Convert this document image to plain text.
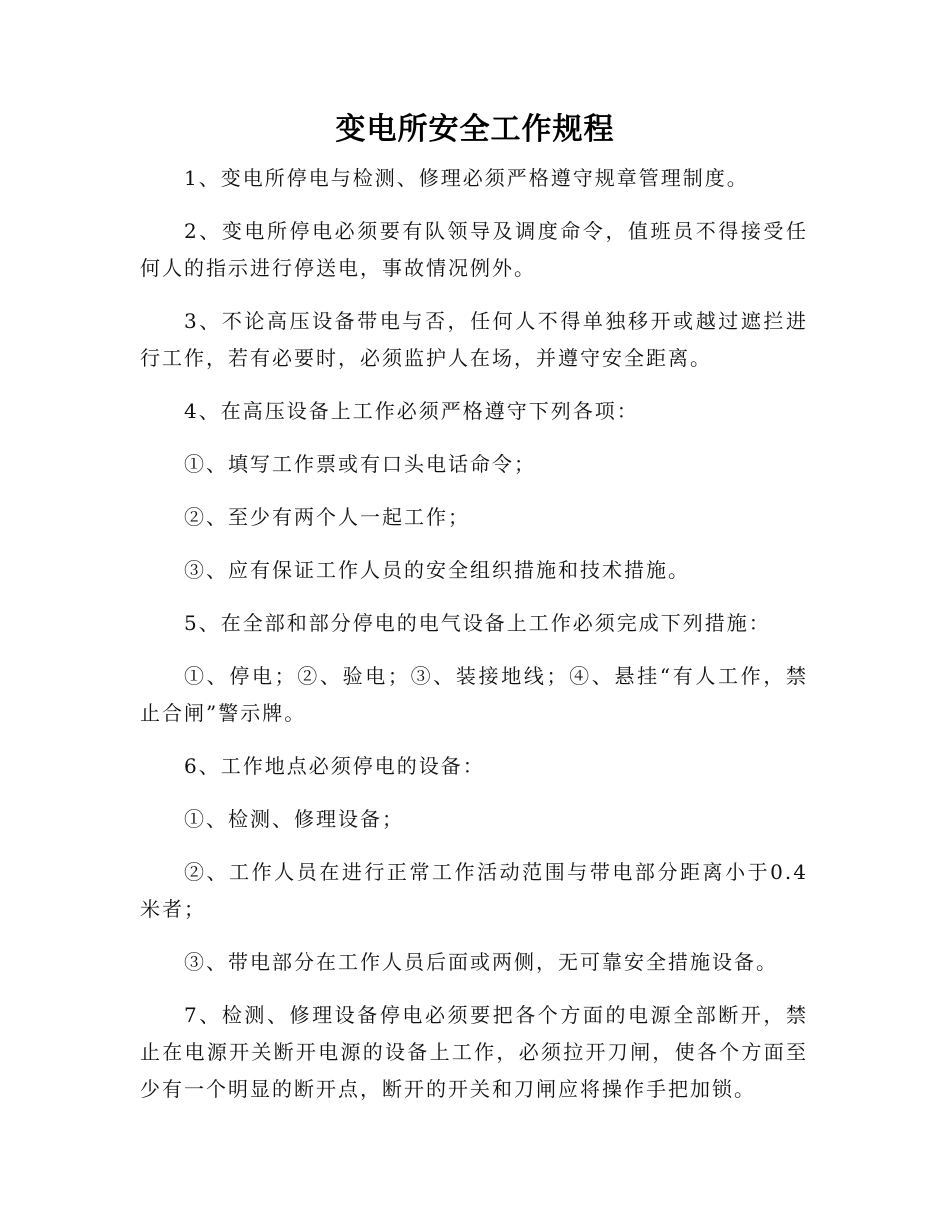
变电所安全工作规程

1、变电所停电与检测、修理必须严格遵守规章管理制度。

2、变电所停电必须要有队领导及调度命令，值班员不得接受任何人的指示进行停送电，事故情况例外。

3、不论高压设备带电与否，任何人不得单独移开或越过遮拦进行工作，若有必要时，必须监护人在场，并遵守安全距离。

4、在高压设备上工作必须严格遵守下列各项：

①、填写工作票或有口头电话命令；

②、至少有两个人一起工作；

③、应有保证工作人员的安全组织措施和技术措施。

5、在全部和部分停电的电气设备上工作必须完成下列措施：

①、停电；②、验电；③、装接地线；④、悬挂“有人工作，禁止合闸”警示牌。

6、工作地点必须停电的设备：

①、检测、修理设备；

②、工作人员在进行正常工作活动范围与带电部分距离小于0.4米者；

③、带电部分在工作人员后面或两侧，无可靠安全措施设备。

7、检测、修理设备停电必须要把各个方面的电源全部断开，禁止在电源开关断开电源的设备上工作，必须拉开刀闸，使各个方面至少有一个明显的断开点，断开的开关和刀闸应将操作手把加锁。
